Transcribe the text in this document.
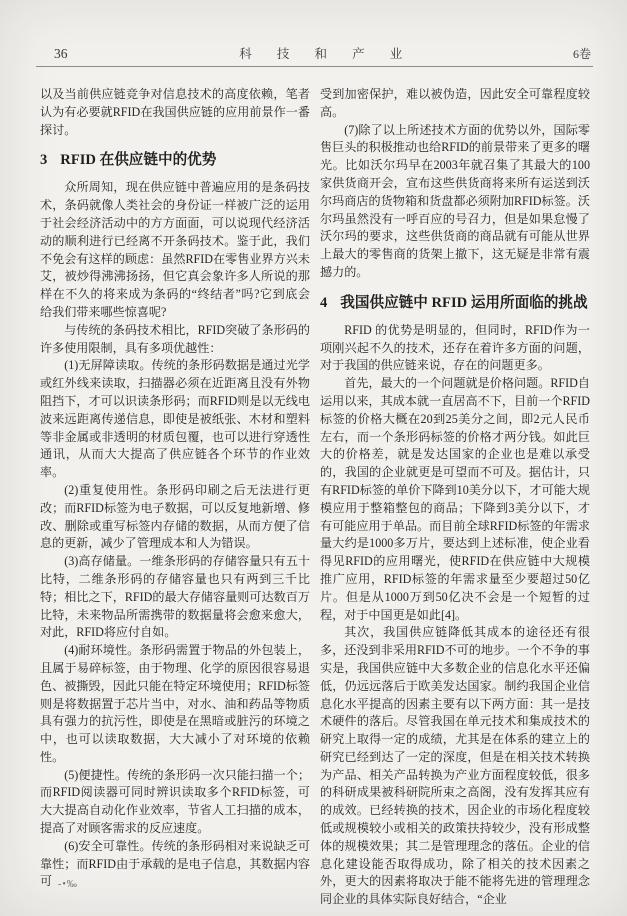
36	科 技 和 产 业	6卷

以及当前供应链竞争对信息技术的高度依赖，笔者认为有必要就RFID在我国供应链的应用前景作一番探讨。

3 RFID 在供应链中的优势

众所周知，现在供应链中普遍应用的是条码技术，条码就像人类社会的身份证一样被广泛的运用于社会经济活动中的方方面面，可以说现代经济活动的顺利进行已经离不开条码技术。鉴于此，我们不免会有这样的顾虑：虽然RFID在零售业界方兴未艾，被炒得沸沸扬扬，但它真会象许多人所说的那样在不久的将来成为条码的“终结者”吗?它到底会给我们带来哪些惊喜呢?

与传统的条码技术相比，RFID突破了条形码的许多使用限制，具有多项优越性：

(1)无屏障读取。传统的条形码数据是通过光学或红外线来读取，扫描器必须在近距离且没有外物阻挡下，才可以识读条形码；而RFID则是以无线电波来远距离传递信息，即使是被纸张、木材和塑料等非金属或非透明的材质包覆，也可以进行穿透性通讯，从而大大提高了供应链各个环节的作业效率。

(2)重复使用性。条形码印刷之后无法进行更改；而RFID标签为电子数据，可以反复地新增、修改、删除或重写标签内存储的数据，从而方便了信息的更新，减少了管理成本和人为错误。

(3)高存储量。一维条形码的存储容量只有五十比特，二维条形码的存储容量也只有两到三千比特；相比之下，RFID的最大存储容量则可达数百万比特，未来物品所需携带的数据量将会愈来愈大，对此，RFID将应付自如。

(4)耐环境性。条形码需置于物品的外包装上，且属于易碎标签，由于物理、化学的原因很容易退色、被撕毁，因此只能在特定环境使用；RFID标签则是将数据置于芯片当中，对水、油和药品等物质具有强力的抗污性，即使是在黑暗或脏污的环境之中，也可以读取数据，大大减小了对环境的依赖性。

(5)便捷性。传统的条形码一次只能扫描一个；而RFID阅读器可同时辨识读取多个RFID标签，可大大提高自动化作业效率，节省人工扫描的成本，提高了对顾客需求的反应速度。

(6)安全可靠性。传统的条形码相对来说缺乏可靠性；而RFID由于承载的是电子信息，其数据内容可

受到加密保护，难以被伪造，因此安全可靠程度较高。

(7)除了以上所述技术方面的优势以外，国际零售巨头的积极推动也给RFID的前景带来了更多的曙光。比如沃尔玛早在2003年就召集了其最大的100家供货商开会，宣布这些供货商将来所有运送到沃尔玛商店的货物箱和货盘都必须附加RFID标签。沃尔玛虽然没有一呼百应的号召力，但是如果怠慢了沃尔玛的要求，这些供货商的商品就有可能从世界上最大的零售商的货架上撤下，这无疑是非常有震撼力的。

4 我国供应链中 RFID 运用所面临的挑战

RFID 的优势是明显的，但同时，RFID作为一项刚兴起不久的技术，还存在着许多方面的问题，对于我国的供应链来说，存在的问题更多。

首先，最大的一个问题就是价格问题。RFID自运用以来，其成本就一直居高不下，目前一个RFID标签的价格大概在20到25美分之间，即2元人民币左右，而一个条形码标签的价格才两分钱。如此巨大的价格差，就是发达国家的企业也是难以承受的，我国的企业就更是可望而不可及。据估计，只有RFID标签的单价下降到10美分以下，才可能大规模应用于整箱整包的商品；下降到3美分以下，才有可能应用于单品。而目前全球RFID标签的年需求量大约是1000多万片，要达到上述标准，使企业看得见RFID的应用曙光，使RFID在供应链中大规模推广应用，RFID标签的年需求量至少要超过50亿片。但是从1000万到50亿决不会是一个短暂的过程，对于中国更是如此[4]。

其次，我国供应链降低其成本的途径还有很多，还没到非采用RFID不可的地步。一个不争的事实是，我国供应链中大多数企业的信息化水平还偏低，仍远远落后于欧美发达国家。制约我国企业信息化水平提高的因素主要有以下两方面：其一是技术硬件的落后。尽管我国在单元技术和集成技术的研究上取得一定的成绩，尤其是在体系的建立上的研究已经到达了一定的深度，但是在相关技术转换为产品、相关产品转换为产业方面程度较低，很多的科研成果被科研院所束之高阁，没有发挥其应有的成效。已经转换的技术，因企业的市场化程度较低或规模较小或相关的政策扶持较少，没有形成整体的规模效果；其二是管理理念的落伍。企业的信息化建设能否取得成功，除了相关的技术因素之外，更大的因素将取决于能不能将先进的管理理念同企业的具体实际良好结合，“企业

-•‰
